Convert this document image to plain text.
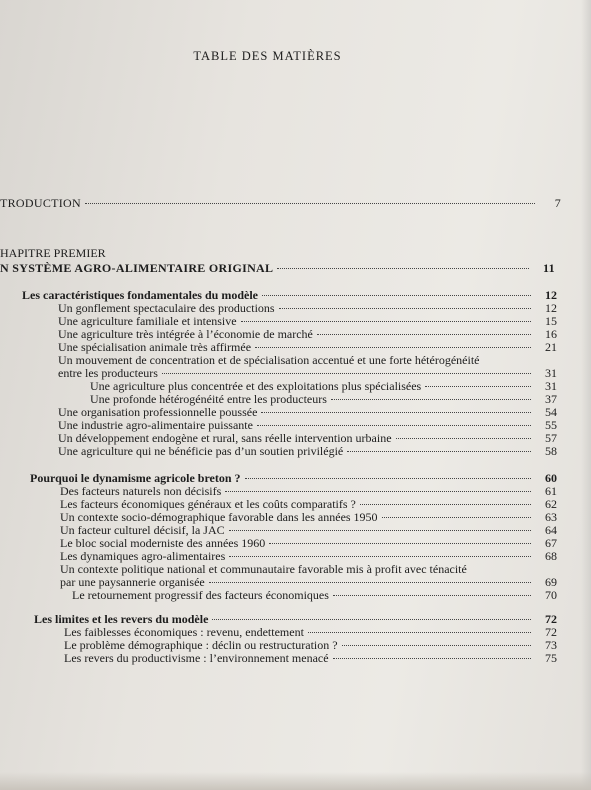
TABLE DES MATIÈRES
TRODUCTION	7
HAPITRE PREMIER
N SYSTÈME AGRO-ALIMENTAIRE ORIGINAL	11
Les caractéristiques fondamentales du modèle	12
Un gonflement spectaculaire des productions	12
Une agriculture familiale et intensive	15
Une agriculture très intégrée à l’économie de marché	16
Une spécialisation animale très affirmée	21
Un mouvement de concentration et de spécialisation accentué et une forte hétérogénéité
entre les producteurs	31
Une agriculture plus concentrée et des exploitations plus spécialisées	31
Une profonde hétérogénéité entre les producteurs	37
Une organisation professionnelle poussée	54
Une industrie agro-alimentaire puissante	55
Un développement endogène et rural, sans réelle intervention urbaine	57
Une agriculture qui ne bénéficie pas d’un soutien privilégié	58
Pourquoi le dynamisme agricole breton ?	60
Des facteurs naturels non décisifs	61
Les facteurs économiques généraux et les coûts comparatifs ?	62
Un contexte socio-démographique favorable dans les années 1950	63
Un facteur culturel décisif, la JAC	64
Le bloc social moderniste des années 1960	67
Les dynamiques agro-alimentaires	68
Un contexte politique national et communautaire favorable mis à profit avec ténacité
par une paysannerie organisée	69
Le retournement progressif des facteurs économiques	70
Les limites et les revers du modèle	72
Les faiblesses économiques : revenu, endettement	72
Le problème démographique : déclin ou restructuration ?	73
Les revers du productivisme : l’environnement menacé	75
